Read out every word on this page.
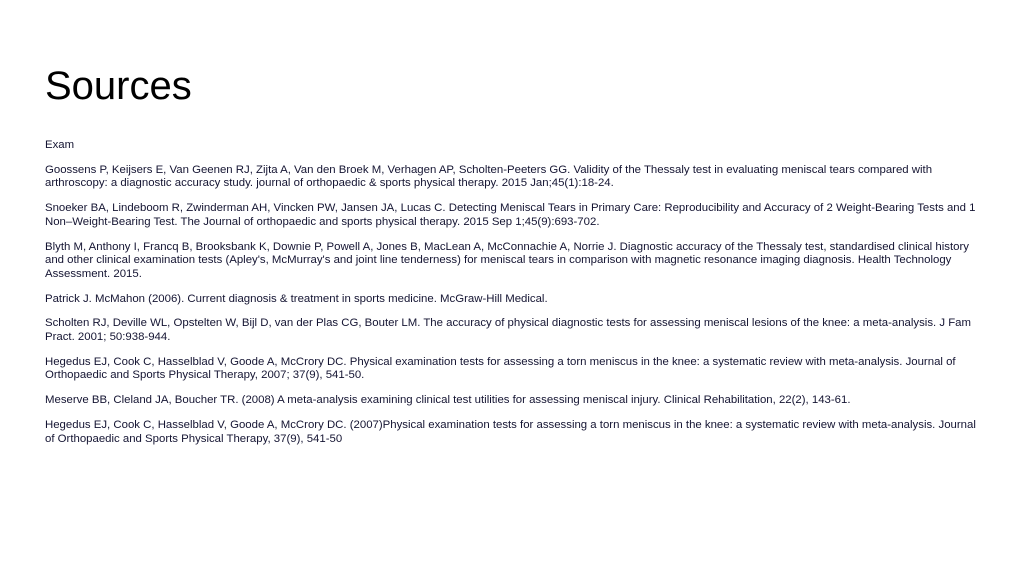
Sources

Exam

Goossens P, Keijsers E, Van Geenen RJ, Zijta A, Van den Broek M, Verhagen AP, Scholten-Peeters GG. Validity of the Thessaly test in evaluating meniscal tears compared with arthroscopy: a diagnostic accuracy study. journal of orthopaedic & sports physical therapy. 2015 Jan;45(1):18-24.

Snoeker BA, Lindeboom R, Zwinderman AH, Vincken PW, Jansen JA, Lucas C. Detecting Meniscal Tears in Primary Care: Reproducibility and Accuracy of 2 Weight-Bearing Tests and 1 Non–Weight-Bearing Test. The Journal of orthopaedic and sports physical therapy. 2015 Sep 1;45(9):693-702.

Blyth M, Anthony I, Francq B, Brooksbank K, Downie P, Powell A, Jones B, MacLean A, McConnachie A, Norrie J. Diagnostic accuracy of the Thessaly test, standardised clinical history and other clinical examination tests (Apley's, McMurray's and joint line tenderness) for meniscal tears in comparison with magnetic resonance imaging diagnosis. Health Technology Assessment. 2015.

Patrick J. McMahon (2006). Current diagnosis & treatment in sports medicine. McGraw-Hill Medical.

Scholten RJ, Deville WL, Opstelten W, Bijl D, van der Plas CG, Bouter LM. The accuracy of physical diagnostic tests for assessing meniscal lesions of the knee: a meta-analysis. J Fam Pract. 2001; 50:938-944.

Hegedus EJ, Cook C, Hasselblad V, Goode A, McCrory DC. Physical examination tests for assessing a torn meniscus in the knee: a systematic review with meta-analysis. Journal of Orthopaedic and Sports Physical Therapy, 2007; 37(9), 541-50.

Meserve BB, Cleland JA, Boucher TR. (2008) A meta-analysis examining clinical test utilities for assessing meniscal injury. Clinical Rehabilitation, 22(2), 143-61.

Hegedus EJ, Cook C, Hasselblad V, Goode A, McCrory DC. (2007)Physical examination tests for assessing a torn meniscus in the knee: a systematic review with meta-analysis. Journal of Orthopaedic and Sports Physical Therapy, 37(9), 541-50
